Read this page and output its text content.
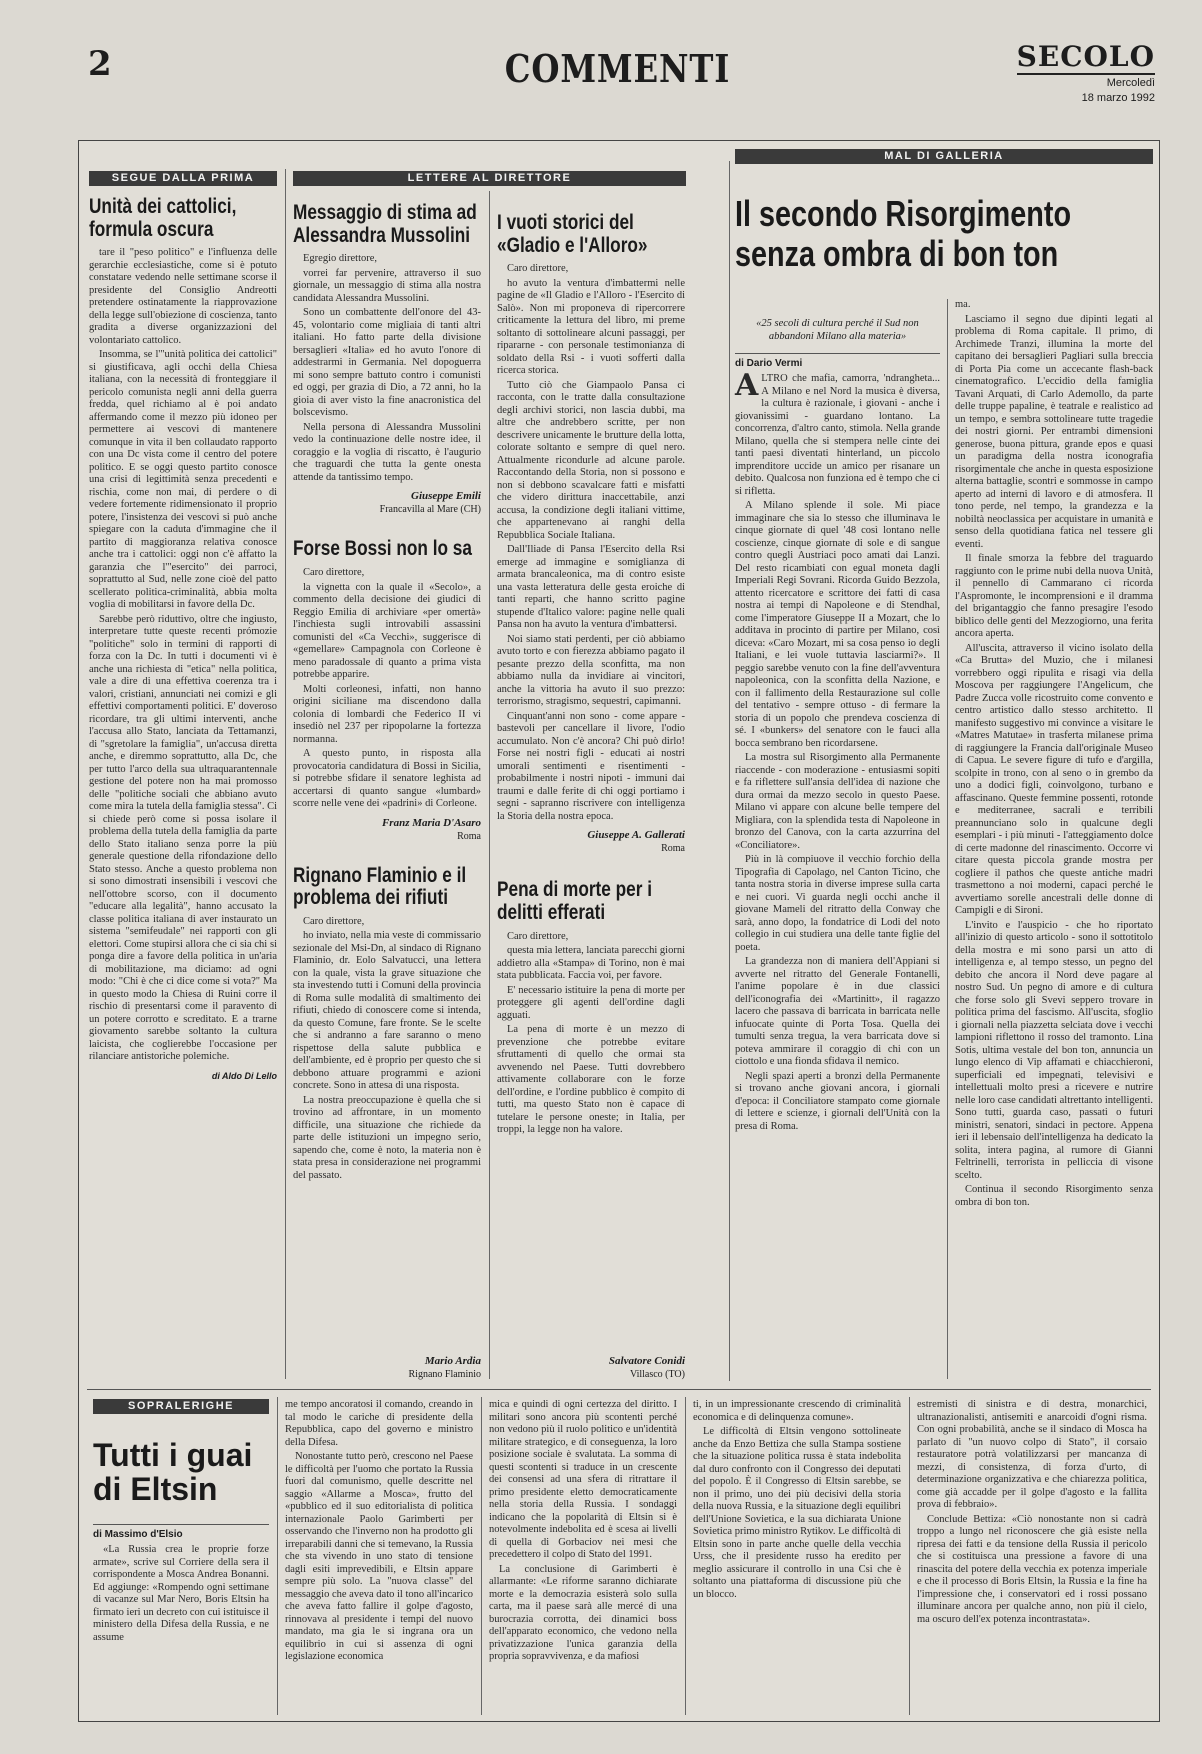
2	COMMENTI	SECOLO
Mercoledì
18 marzo 1992
SEGUE DALLA PRIMA
Unità dei cattolici, formula oscura

tare il "peso politico" e l'influenza delle gerarchie ecclesiastiche, come si è potuto constatare vedendo nelle settimane scorse il presidente del Consiglio Andreotti pretendere ostinatamente la riapprovazione della legge sull'obiezione di coscienza, tanto gradita a diverse organizzazioni del volontariato cattolico.

Insomma, se l'"unità politica dei cattolici" si giustificava, agli occhi della Chiesa italiana, con la necessità di fronteggiare il pericolo comunista negli anni della guerra fredda, quel richiamo al è poi andato affermando come il mezzo più idoneo per permettere ai vescovi di mantenere comunque in vita il ben collaudato rapporto con una Dc vista come il centro del potere politico. E se oggi questo partito conosce una crisi di legittimità senza precedenti e rischia, come non mai, di perdere o di vedere fortemente ridimensionato il proprio potere, l'insistenza dei vescovi si può anche spiegare con la caduta d'immagine che il partito di maggioranza relativa conosce anche tra i cattolici: oggi non c'è affatto la garanzia che l'"esercito" dei parroci, soprattutto al Sud, nelle zone cioè del patto scellerato politica-criminalità, abbia molta voglia di mobilitarsi in favore della Dc.

Sarebbe però riduttivo, oltre che ingiusto, interpretare tutte queste recenti prómozie "politiche" solo in termini di rapporti di forza con la Dc. In tutti i documenti vi è anche una richiesta di "etica" nella politica, vale a dire di una effettiva coerenza tra i valori, cristiani, annunciati nei comizi e gli effettivi comportamenti politici. E' doveroso ricordare, tra gli ultimi interventi, anche l'accusa allo Stato, lanciata da Tettamanzi, di "sgretolare la famiglia", un'accusa diretta anche, e diremmo soprattutto, alla Dc, che per tutto l'arco della sua ultraquarantennale gestione del potere non ha mai promosso delle "politiche sociali che abbiano avuto come mira la tutela della famiglia stessa". Ci si chiede però come si possa isolare il problema della tutela della famiglia da parte dello Stato italiano senza porre la più generale questione della rifondazione dello Stato stesso. Anche a questo problema non si sono dimostrati insensibili i vescovi che nell'ottobre scorso, con il documento "educare alla legalità", hanno accusato la classe politica italiana di aver instaurato un sistema "semifeudale" nei rapporti con gli elettori. Come stupirsi allora che ci sia chi si ponga dire a favore della politica in un'aria di mobilitazione, ma diciamo: ad ogni modo: "Chi è che ci dice come si vota?" Ma in questo modo la Chiesa di Ruini corre il rischio di presentarsi come il paravento di un potere corrotto e screditato. E a trarne giovamento sarebbe soltanto la cultura laicista, che coglierebbe l'occasione per rilanciare antistoriche polemiche.

di Aldo Di Lello
LETTERE AL DIRETTORE
Messaggio di stima ad Alessandra Mussolini

Egregio direttore,

vorrei far pervenire, attraverso il suo giornale, un messaggio di stima alla nostra candidata Alessandra Mussolini.

Sono un combattente dell'onore del 43-45, volontario come migliaia di tanti altri italiani. Ho fatto parte della divisione bersaglieri «Italia» ed ho avuto l'onore di addestrarmi in Germania. Nel dopoguerra mi sono sempre battuto contro i comunisti ed oggi, per grazia di Dio, a 72 anni, ho la gioia di aver visto la fine anacronistica del bolscevismo.

Nella persona di Alessandra Mussolini vedo la continuazione delle nostre idee, il coraggio e la voglia di riscatto, è l'augurio che traguardi che tutta la gente onesta attende da tantissimo tempo.

Giuseppe Emili
Francavilla al Mare (CH)
Forse Bossi non lo sa

Caro direttore,

la vignetta con la quale il «Secolo», a commento della decisione dei giudici di Reggio Emilia di archiviare «per omertà» l'inchiesta sugli introvabili assassini comunisti del «Ca Vecchi», suggerisce di «gemellare» Campagnola con Corleone è meno paradossale di quanto a prima vista potrebbe apparire.

Molti corleonesi, infatti, non hanno origini siciliane ma discendono dalla colonia di lombardi che Federico II vi insediò nel 237 per ripopolarne la fortezza normanna.

A questo punto, in risposta alla provocatoria candidatura di Bossi in Sicilia, si potrebbe sfidare il senatore leghista ad accertarsi di quanto sangue «lumbard» scorre nelle vene dei «padrini» di Corleone.

Franz Maria D'Asaro
Roma
Rignano Flaminio e il problema dei rifiuti

Caro direttore,

ho inviato, nella mia veste di commissario sezionale del Msi-Dn, al sindaco di Rignano Flaminio, dr. Eolo Salvatucci, una lettera con la quale, vista la grave situazione che sta investendo tutti i Comuni della provincia di Roma sulle modalità di smaltimento dei rifiuti, chiedo di conoscere come si intenda, da questo Comune, fare fronte. Se le scelte che si andranno a fare saranno o meno rispettose della salute pubblica e dell'ambiente, ed è proprio per questo che si debbono attuare programmi e azioni concrete. Sono in attesa di una risposta.

La nostra preoccupazione è quella che si trovino ad affrontare, in un momento difficile, una situazione che richiede da parte delle istituzioni un impegno serio, sapendo che, come è noto, la materia non è stata presa in considerazione nei programmi del passato.

Mario Ardia
Rignano Flaminio
I vuoti storici del «Gladio e l'Alloro»

Caro direttore,

ho avuto la ventura d'imbattermi nelle pagine de «Il Gladio e l'Alloro - l'Esercito di Salò». Non mi proponeva di ripercorrere criticamente la lettura del libro, mi preme soltanto di sottolineare alcuni passaggi, per ripararne - con personale testimonianza di soldato della Rsi - i vuoti sofferti dalla ricerca storica.

Tutto ciò che Giampaolo Pansa ci racconta, con le tratte dalla consultazione degli archivi storici, non lascia dubbi, ma altre che andrebbero scritte, per non descrivere unicamente le brutture della lotta, colorate soltanto e sempre di quel nero. Attualmente ricondurle ad alcune parole. Raccontando della Storia, non si possono e non si debbono scavalcare fatti e misfatti che videro dirittura inaccettabile, anzi accusa, la condizione degli italiani vittime, che appartenevano ai ranghi della Repubblica Sociale Italiana.

Dall'Iliade di Pansa l'Esercito della Rsi emerge ad immagine e somiglianza di armata brancaleonica, ma di contro esiste una vasta letteratura delle gesta eroiche di tanti reparti, che hanno scritto pagine stupende d'Italico valore: pagine nelle quali Pansa non ha avuto la ventura d'imbattersi.

Noi siamo stati perdenti, per ciò abbiamo avuto torto e con fierezza abbiamo pagato il pesante prezzo della sconfitta, ma non abbiamo nulla da invidiare ai vincitori, anche la vittoria ha avuto il suo prezzo: terrorismo, stragismo, sequestri, capimanni.

Cinquant'anni non sono - come appare - bastevoli per cancellare il livore, l'odio accumulato. Non c'è ancora? Chi può dirlo! Forse nei nostri figli - educati ai nostri umorali sentimenti e risentimenti - probabilmente i nostri nipoti - immuni dai traumi e dalle ferite di chi oggi portiamo i segni - sapranno riscrivere con intelligenza la Storia della nostra epoca.

Giuseppe A. Gallerati
Roma
Pena di morte per i delitti efferati

Caro direttore,

questa mia lettera, lanciata parecchi giorni addietro alla «Stampa» di Torino, non è mai stata pubblicata. Faccia voi, per favore.

E' necessario istituire la pena di morte per proteggere gli agenti dell'ordine dagli agguati.

La pena di morte è un mezzo di prevenzione che potrebbe evitare sfruttamenti di quello che ormai sta avvenendo nel Paese. Tutti dovrebbero attivamente collaborare con le forze dell'ordine, e l'ordine pubblico è compito di tutti, ma questo Stato non è capace di tutelare le persone oneste; in Italia, per troppi, la legge non ha valore.

Salvatore Conidi
Villasco (TO)
MAL DI GALLERIA
Il secondo Risorgimento senza ombra di bon ton
«25 secoli di cultura perché il Sud non abbandoni Milano alla materia»
di Dario Vermi

ALTRO che mafia, camorra, 'ndrangheta... A Milano e nel Nord la musica è diversa, la cultura è razionale, i giovani - anche i giovanissimi - guardano lontano. La concorrenza, d'altro canto, stimola. Nella grande Milano, quella che si stempera nelle cinte dei tanti paesi diventati hinterland, un piccolo imprenditore uccide un amico per risanare un debito. Qualcosa non funziona ed è tempo che ci si rifletta.

A Milano splende il sole. Mi piace immaginare che sia lo stesso che illuminava le cinque giornate di quel '48 così lontano nelle coscienze, cinque giornate di sole e di sangue contro quegli Austriaci poco amati dai Lanzi. Del resto ricambiati con egual moneta dagli Imperiali Regi Sovrani. Ricorda Guido Bezzola, attento ricercatore e scrittore dei fatti di casa nostra ai tempi di Napoleone e di Stendhal, come l'imperatore Giuseppe II a Mozart, che lo additava in procinto di partire per Milano, così diceva: «Caro Mozart, mi sa cosa penso io degli Italiani, e lei vuole tuttavia lasciarmi?». Il peggio sarebbe venuto con la fine dell'avventura napoleonica, con la sconfitta della Nazione, e con il fallimento della Restaurazione sul colle del tentativo - sempre ottuso - di fermare la storia di un popolo che prendeva coscienza di sé. I «bunkers» del senatore con le fauci alla bocca sembrano ben ricordarsene.

La mostra sul Risorgimento alla Permanente riaccende - con moderazione - entusiasmi sopiti e fa riflettere sull'ansia dell'idea di nazione che dura ormai da mezzo secolo in questo Paese. Milano vi appare con alcune belle tempere del Migliara, con la splendida testa di Napoleone in bronzo del Canova, con la carta azzurrina del «Conciliatore».

Più in là compiuove il vecchio forchio della Tipografia di Capolago, nel Canton Ticino, che tanta nostra storia in diverse imprese sulla carta e nei cuori. Vi guarda negli occhi anche il giovane Mameli del ritratto della Conway che sarà, anno dopo, la fondatrice di Lodi del noto collegio in cui studiera una delle tante figlie del poeta.

La grandezza non di maniera dell'Appiani si avverte nel ritratto del Generale Fontanelli, l'anime popolare è in due classici dell'iconografia dei «Martinitt», il ragazzo lacero che passava di barricata in barricata nelle infuocate quinte di Porta Tosa. Quella dei tumulti senza tregua, la vera barricata dove si poteva ammirare il coraggio di chi con un ciottolo e una fionda sfidava il nemico.

Negli spazi aperti a bronzi della Permanente si trovano anche giovani ancora, i giornali d'epoca: il Conciliatore stampato come giornale di lettere e scienze, i giornali dell'Unità con la presa di Roma.

ma.

Lasciamo il segno due dipinti legati al problema di Roma capitale. Il primo, di Archimede Tranzi, illumina la morte del capitano dei bersaglieri Pagliari sulla breccia di Porta Pia come un accecante flash-back cinematografico. L'eccidio della famiglia Tavani Arquati, di Carlo Ademollo, da parte delle truppe papaline, è teatrale e realistico ad un tempo, e sembra sottolineare tutte tragedie dei nostri giorni. Per entrambi dimensioni generose, buona pittura, grande epos e quasi un paradigma della nostra iconografia risorgimentale che anche in questa esposizione alterna battaglie, scontri e sommosse in campo aperto ad interni di lavoro e di atmosfera. Il tono perde, nel tempo, la grandezza e la nobiltà neoclassica per acquistare in umanità e senso della quotidiana fatica nel tessere gli eventi.

Il finale smorza la febbre del traguardo raggiunto con le prime nubi della nuova Unità, il pennello di Cammarano ci ricorda l'Aspromonte, le incomprensioni e il dramma del brigantaggio che fanno presagire l'esodo biblico delle genti del Mezzogiorno, una ferita ancora aperta.

All'uscita, attraverso il vicino isolato della «Ca Brutta» del Muzio, che i milanesi vorrebbero oggi ripulita e risagi via della Moscova per raggiungere l'Angelicum, che Padre Zucca volle ricostruito come convento e centro artistico dallo stesso architetto. Il manifesto suggestivo mi convince a visitare le «Matres Matutae» in trasferta milanese prima di raggiungere la Francia dall'originale Museo di Capua. Le severe figure di tufo e d'argilla, scolpite in trono, con al seno o in grembo da uno a dodici figli, coinvolgono, turbano e affascinano. Queste femmine possenti, rotonde e mediterranee, sacrali e terribili preannunciano solo in qualcune degli esemplari - i più minuti - l'atteggiamento dolce di certe madonne del rinascimento. Occorre vi citare questa piccola grande mostra per cogliere il pathos che queste antiche madri trasmettono a noi moderni, capaci perché le avvertiamo sorelle ancestrali delle donne di Campigli e di Sironi.

L'invito e l'auspicio - che ho riportato all'inizio di questo articolo - sono il sottotitolo della mostra e mi sono parsi un atto di intelligenza e, al tempo stesso, un pegno del debito che ancora il Nord deve pagare al nostro Sud. Un pegno di amore e di cultura che forse solo gli Svevi seppero trovare in politica prima del fascismo. All'uscita, sfoglio i giornali nella piazzetta selciata dove i vecchi lampioni riflettono il rosso del tramonto. Lina Sotis, ultima vestale del bon ton, annuncia un lungo elenco di Vip affamati e chiacchieroni, superficiali ed impegnati, televisivi e intellettuali molto presi a ricevere e nutrire nelle loro case candidati altrettanto intelligenti. Sono tutti, guarda caso, passati o futuri ministri, senatori, sindaci in pectore. Appena ieri il lebensaio dell'intelligenza ha dedicato la solita, intera pagina, al rumore di Gianni Feltrinelli, terrorista in pelliccia di visone scelto.

Continua il secondo Risorgimento senza ombra di bon ton.

SOPRALERIGHE
Tutti i guai di Eltsin
di Massimo d'Elsio

«La Russia crea le proprie forze armate», scrive sul Corriere della sera il corrispondente a Mosca Andrea Bonanni. Ed aggiunge: «Rompendo ogni settimane di vacanze sul Mar Nero, Boris Eltsin ha firmato ieri un decreto con cui istituisce il ministero della Difesa della Russia, e ne assume

me tempo ancoratosi il comando, creando in tal modo le cariche di presidente della Repubblica, capo del governo e ministro della Difesa.

Nonostante tutto però, crescono nel Paese le difficoltà per l'uomo che portato la Russia fuori dal comunismo, quelle descritte nel saggio «Allarme a Mosca», frutto del «pubblico ed il suo editorialista di politica internazionale Paolo Garimberti per osservando che l'inverno non ha prodotto gli irreparabili danni che si temevano, la Russia che sta vivendo in uno stato di tensione dagli esiti imprevedibili, e Eltsin appare sempre più solo. La "nuova classe" del messaggio che aveva dato il tono all'incarico che aveva fatto fallire il golpe d'agosto, rinnovava al presidente i tempi del nuovo mandato, ma gia le si ingrana ora un equilibrio in cui si assenza di ogni legislazione economica

mica e quindi di ogni certezza del diritto. I militari sono ancora più scontenti perché non vedono più il ruolo politico e un'identità militare strategico, e di conseguenza, la loro posizione sociale è svalutata. La somma di questi scontenti si traduce in un crescente dei consensi ad una sfera di ritrattare il primo presidente eletto democraticamente nella storia della Russia. I sondaggi indicano che la popolarità di Eltsin si è notevolmente indebolita ed è scesa ai livelli di quella di Gorbaciov nei mesi che precedettero il colpo di Stato del 1991.

La conclusione di Garimberti è allarmante: «Le riforme saranno dichiarate morte e la democrazia esisterà solo sulla carta, ma il paese sarà alle mercé di una burocrazia corrotta, dei dinamici boss dell'apparato economico, che vedono nella privatizzazione l'unica garanzia della propria sopravvivenza, e da mafiosi

ti, in un impressionante crescendo di criminalità economica e di delinquenza comune».

Le difficoltà di Eltsin vengono sottolineate anche da Enzo Bettiza che sulla Stampa sostiene che la situazione politica russa è stata indebolita dal duro confronto con il Congresso dei deputati del popolo. È il Congresso di Eltsin sarebbe, se non il primo, uno dei più decisivi della storia della nuova Russia, e la situazione degli equilibri dell'Unione Sovietica, e la sua dichiarata Unione Sovietica primo ministro Rytikov. Le difficoltà di Eltsin sono in parte anche quelle della vecchia Urss, che il presidente russo ha eredito per meglio assicurare il controllo in una Csi che è soltanto una piattaforma di discussione più che un blocco.

estremisti di sinistra e di destra, monarchici, ultranazionalisti, antisemiti e anarcoidi d'ogni risma. Con ogni probabilità, anche se il sindaco di Mosca ha parlato di "un nuovo colpo di Stato", il corsaio restauratore potrà volatilizzarsi per mancanza di mezzi, di consistenza, di forza d'urto, di determinazione organizzativa e che chiarezza politica, come già accadde per il golpe d'agosto e la fallita prova di febbraio».

Conclude Bettiza: «Ciò nonostante non si cadrà troppo a lungo nel riconoscere che già esiste nella ripresa dei fatti e da tensione della Russia il pericolo che si costituisca una pressione a favore di una rinascita del potere della vecchia ex potenza imperiale e che il processo di Boris Eltsin, la Russia e la fine ha l'impressione che, i conservatori ed i rossi possano illuminare ancora per qualche anno, non più il cielo, ma oscuro dell'ex potenza incontrastata».
